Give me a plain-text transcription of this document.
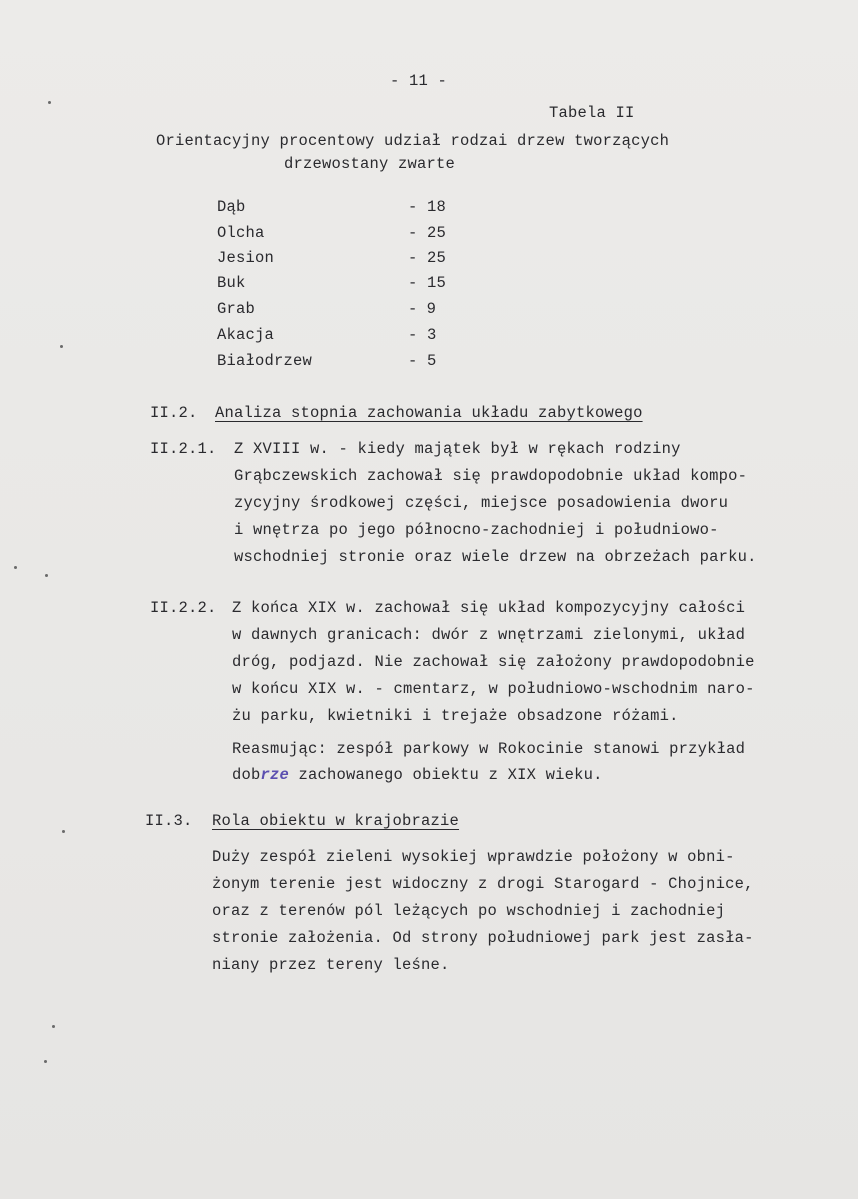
- 11 -
Tabela II
Orientacyjny procentowy udział rodzai drzew tworzących
drzewostany zwarte
Dąb	- 18
Olcha	- 25
Jesion	- 25
Buk	- 15
Grab	- 9
Akacja	- 3
Białodrzew	- 5
II.2. Analiza stopnia zachowania układu zabytkowego
II.2.1. Z XVIII w. - kiedy majątek był w rękach rodziny
Grąbczewskich zachował się prawdopodobnie układ kompo-
zycyjny środkowej części, miejsce posadowienia dworu
i wnętrza po jego północno-zachodniej i południowo-
wschodniej stronie oraz wiele drzew na obrzeżach parku.
II.2.2. Z końca XIX w. zachował się układ kompozycyjny całości
w dawnych granicach: dwór z wnętrzami zielonymi, układ
dróg, podjazd. Nie zachował się założony prawdopodobnie
w końcu XIX w. - cmentarz, w południowo-wschodnim naro-
żu parku, kwietniki i trejaże obsadzone różami.
Reasmując: zespół parkowy w Rokocinie stanowi przykład
dobrze zachowanego obiektu z XIX wieku.
II.3. Rola obiektu w krajobrazie
Duży zespół zieleni wysokiej wprawdzie położony w obni-
żonym terenie jest widoczny z drogi Starogard - Chojnice,
oraz z terenów pól leżących po wschodniej i zachodniej
stronie założenia. Od strony południowej park jest zasła-
niany przez tereny leśne.
